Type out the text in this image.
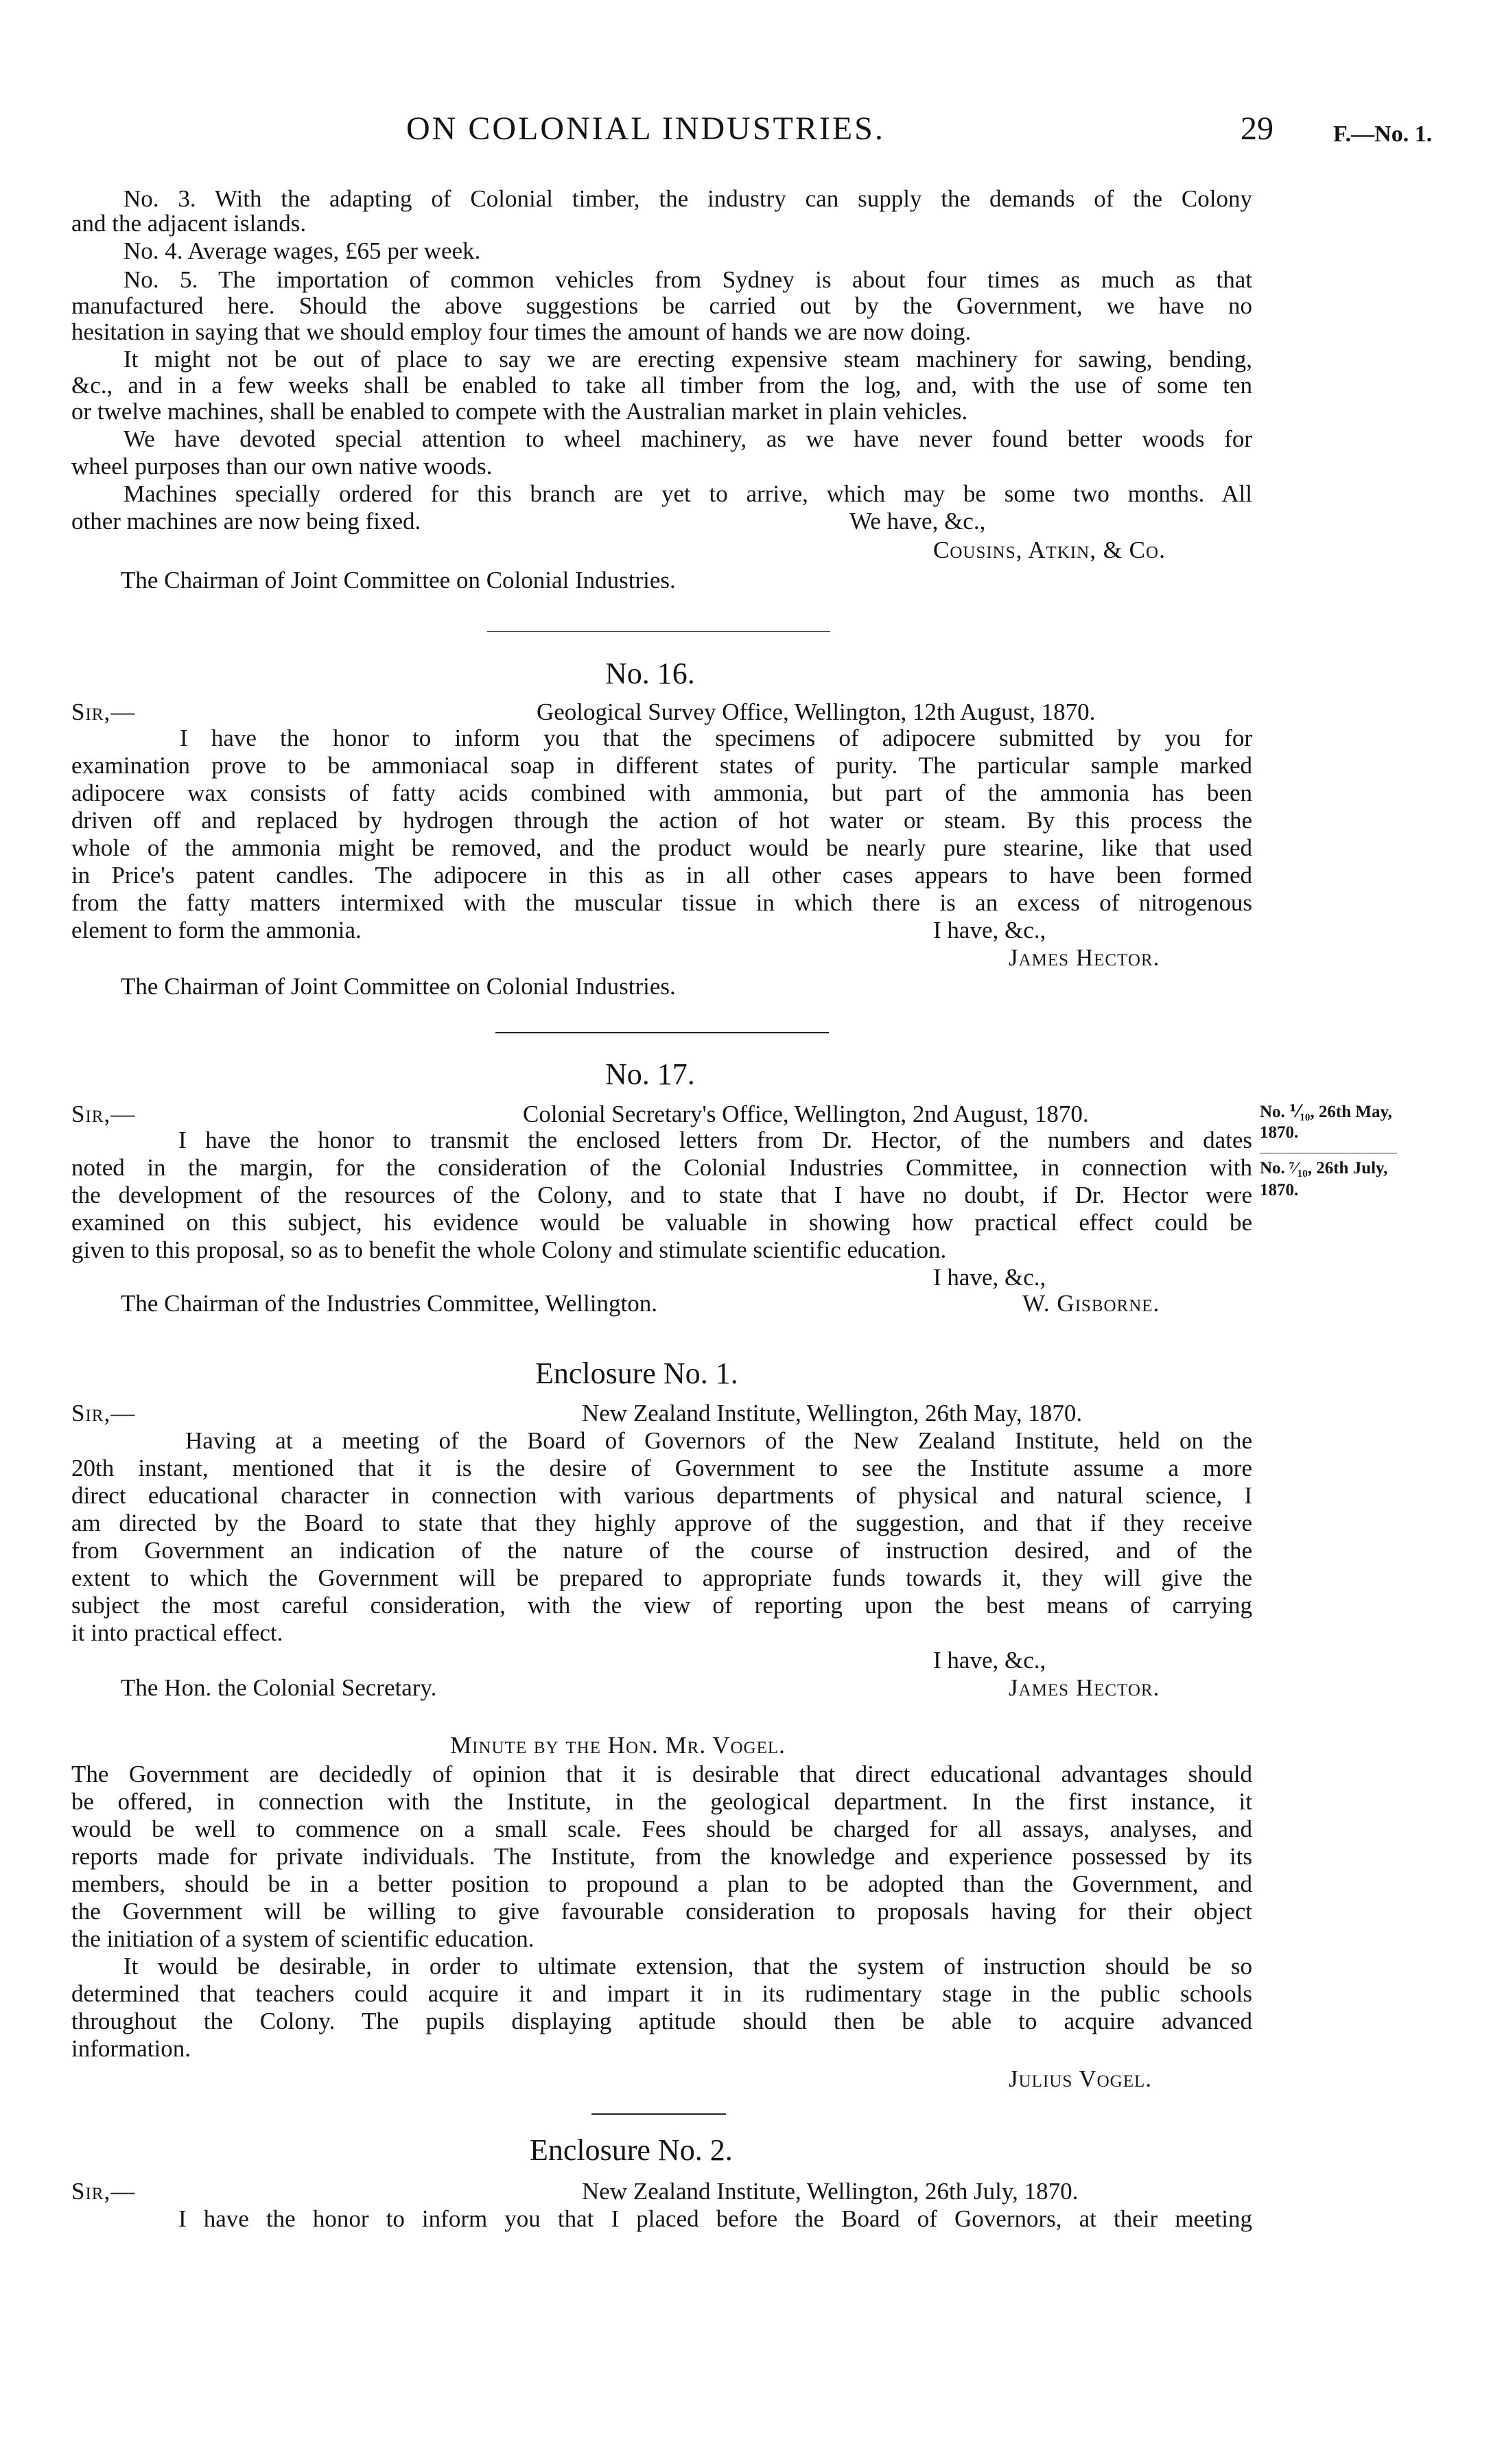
ON COLONIAL INDUSTRIES.	29	F.—No. 1.
No. 3. With the adapting of Colonial timber, the industry can supply the demands of the Colony
and the adjacent islands.
No. 4. Average wages, £65 per week.
No. 5. The importation of common vehicles from Sydney is about four times as much as that
manufactured here. Should the above suggestions be carried out by the Government, we have no
hesitation in saying that we should employ four times the amount of hands we are now doing.
It might not be out of place to say we are erecting expensive steam machinery for sawing, bending,
&c., and in a few weeks shall be enabled to take all timber from the log, and, with the use of some ten
or twelve machines, shall be enabled to compete with the Australian market in plain vehicles.
We have devoted special attention to wheel machinery, as we have never found better woods for
wheel purposes than our own native woods.
Machines specially ordered for this branch are yet to arrive, which may be some two months. All
other machines are now being fixed.	We have, &c.,
Cousins, Atkin, & Co.
The Chairman of Joint Committee on Colonial Industries.
No. 16.
Sir,—	Geological Survey Office, Wellington, 12th August, 1870.
I have the honor to inform you that the specimens of adipocere submitted by you for
examination prove to be ammoniacal soap in different states of purity. The particular sample marked
adipocere wax consists of fatty acids combined with ammonia, but part of the ammonia has been
driven off and replaced by hydrogen through the action of hot water or steam. By this process the
whole of the ammonia might be removed, and the product would be nearly pure stearine, like that used
in Price's patent candles. The adipocere in this as in all other cases appears to have been formed
from the fatty matters intermixed with the muscular tissue in which there is an excess of nitrogenous
element to form the ammonia.	I have, &c.,
James Hector.
The Chairman of Joint Committee on Colonial Industries.
No. 17.
Sir,—	Colonial Secretary's Office, Wellington, 2nd August, 1870.
I have the honor to transmit the enclosed letters from Dr. Hector, of the numbers and dates
noted in the margin, for the consideration of the Colonial Industries Committee, in connection with
the development of the resources of the Colony, and to state that I have no doubt, if Dr. Hector were
examined on this subject, his evidence would be valuable in showing how practical effect could be
given to this proposal, so as to benefit the whole Colony and stimulate scientific education.
I have, &c.,
The Chairman of the Industries Committee, Wellington.	W. Gisborne.
No. ⅟₁₀, 26th May,
1870.
No. ⁷⁄₁₀, 26th July,
1870.
Enclosure No. 1.
Sir,—	New Zealand Institute, Wellington, 26th May, 1870.
Having at a meeting of the Board of Governors of the New Zealand Institute, held on the
20th instant, mentioned that it is the desire of Government to see the Institute assume a more
direct educational character in connection with various departments of physical and natural science, I
am directed by the Board to state that they highly approve of the suggestion, and that if they receive
from Government an indication of the nature of the course of instruction desired, and of the
extent to which the Government will be prepared to appropriate funds towards it, they will give the
subject the most careful consideration, with the view of reporting upon the best means of carrying
it into practical effect.
I have, &c.,
The Hon. the Colonial Secretary.	James Hector.
Minute by the Hon. Mr. Vogel.
The Government are decidedly of opinion that it is desirable that direct educational advantages should
be offered, in connection with the Institute, in the geological department. In the first instance, it
would be well to commence on a small scale. Fees should be charged for all assays, analyses, and
reports made for private individuals. The Institute, from the knowledge and experience possessed by its
members, should be in a better position to propound a plan to be adopted than the Government, and
the Government will be willing to give favourable consideration to proposals having for their object
the initiation of a system of scientific education.
It would be desirable, in order to ultimate extension, that the system of instruction should be so
determined that teachers could acquire it and impart it in its rudimentary stage in the public schools
throughout the Colony. The pupils displaying aptitude should then be able to acquire advanced
information.
Julius Vogel.
Enclosure No. 2.
Sir,—	New Zealand Institute, Wellington, 26th July, 1870.
I have the honor to inform you that I placed before the Board of Governors, at their meeting
